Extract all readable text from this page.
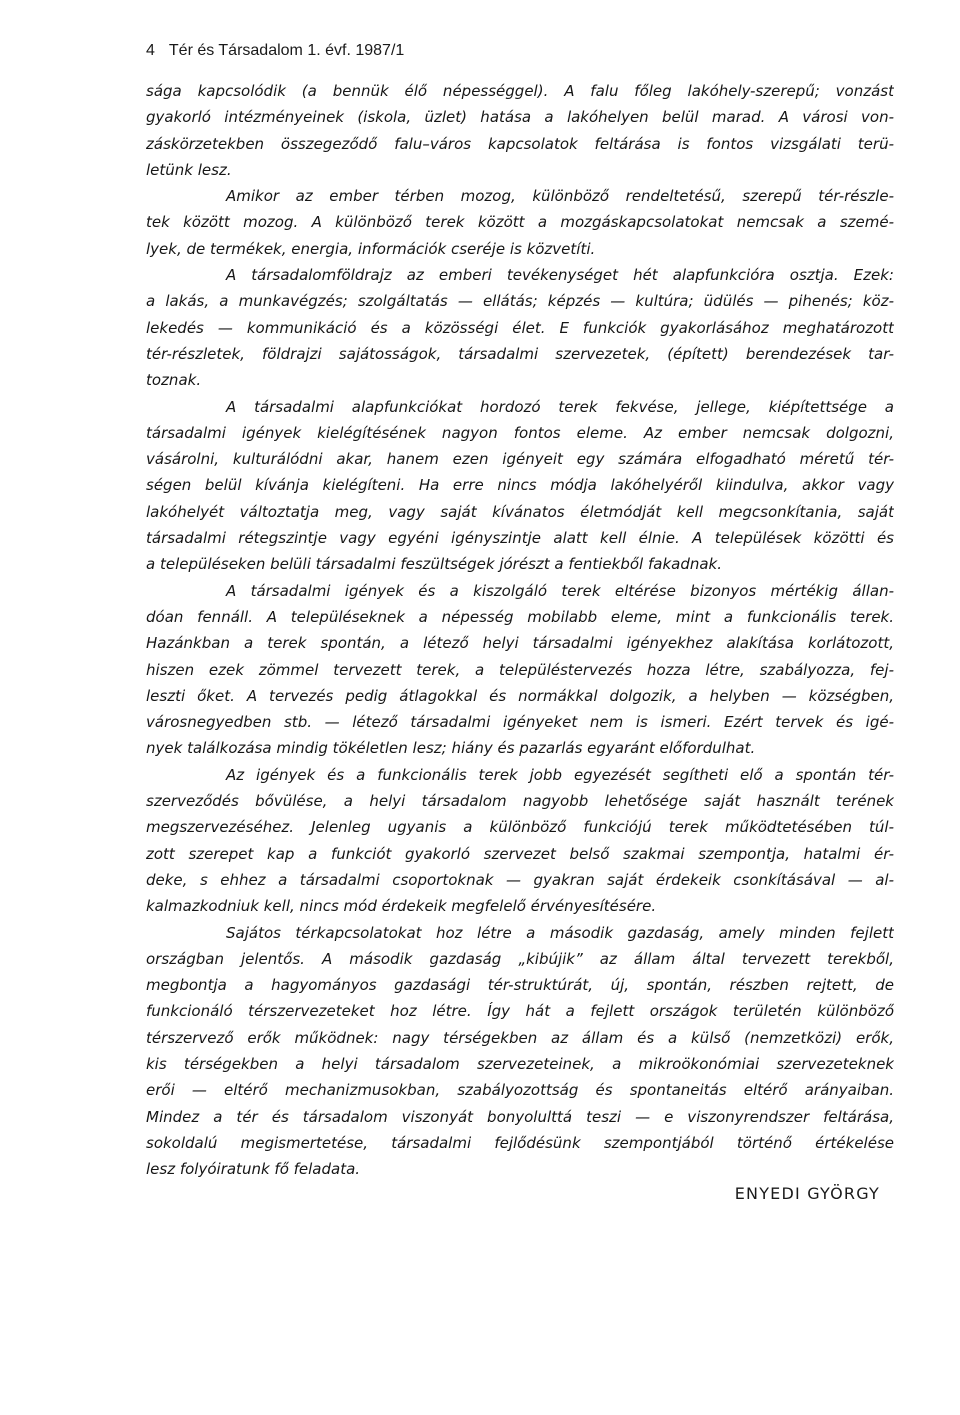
4 Tér és Társadalom 1. évf. 1987/1
sága kapcsolódik (a bennük élő népességgel). A falu főleg lakóhely-szerepű; vonzást
gyakorló intézményeinek (iskola, üzlet) hatása a lakóhelyen belül marad. A városi von-
záskörzetekben összegeződő falu–város kapcsolatok feltárása is fontos vizsgálati terü-
letünk lesz.
Amikor az ember térben mozog, különböző rendeltetésű, szerepű tér-részle-
tek között mozog. A különböző terek között a mozgáskapcsolatokat nemcsak a szemé-
lyek, de termékek, energia, információk cseréje is közvetíti.
A társadalomföldrajz az emberi tevékenységet hét alapfunkcióra osztja. Ezek:
a lakás, a munkavégzés; szolgáltatás — ellátás; képzés — kultúra; üdülés — pihenés; köz-
lekedés — kommunikáció és a közösségi élet. E funkciók gyakorlásához meghatározott
tér-részletek, földrajzi sajátosságok, társadalmi szervezetek, (épített) berendezések tar-
toznak.
A társadalmi alapfunkciókat hordozó terek fekvése, jellege, kiépítettsége a
társadalmi igények kielégítésének nagyon fontos eleme. Az ember nemcsak dolgozni,
vásárolni, kulturálódni akar, hanem ezen igényeit egy számára elfogadható méretű tér-
ségen belül kívánja kielégíteni. Ha erre nincs módja lakóhelyéről kiindulva, akkor vagy
lakóhelyét változtatja meg, vagy saját kívánatos életmódját kell megcsonkítania, saját
társadalmi rétegszintje vagy egyéni igényszintje alatt kell élnie. A települések közötti és
a településeken belüli társadalmi feszültségek jórészt a fentiekből fakadnak.
A társadalmi igények és a kiszolgáló terek eltérése bizonyos mértékig állan-
dóan fennáll. A településeknek a népesség mobilabb eleme, mint a funkcionális terek.
Hazánkban a terek spontán, a létező helyi társadalmi igényekhez alakítása korlátozott,
hiszen ezek zömmel tervezett terek, a településtervezés hozza létre, szabályozza, fej-
leszti őket. A tervezés pedig átlagokkal és normákkal dolgozik, a helyben — községben,
városnegyedben stb. — létező társadalmi igényeket nem is ismeri. Ezért tervek és igé-
nyek találkozása mindig tökéletlen lesz; hiány és pazarlás egyaránt előfordulhat.
Az igények és a funkcionális terek jobb egyezését segítheti elő a spontán tér-
szerveződés bővülése, a helyi társadalom nagyobb lehetősége saját használt terének
megszervezéséhez. Jelenleg ugyanis a különböző funkciójú terek működtetésében túl-
zott szerepet kap a funkciót gyakorló szervezet belső szakmai szempontja, hatalmi ér-
deke, s ehhez a társadalmi csoportoknak — gyakran saját érdekeik csonkításával — al-
kalmazkodniuk kell, nincs mód érdekeik megfelelő érvényesítésére.
Sajátos térkapcsolatokat hoz létre a második gazdaság, amely minden fejlett
országban jelentős. A második gazdaság „kibújik” az állam által tervezett terekből,
megbontja a hagyományos gazdasági tér-struktúrát, új, spontán, részben rejtett, de
funkcionáló térszervezeteket hoz létre. Így hát a fejlett országok területén különböző
térszervező erők működnek: nagy térségekben az állam és a külső (nemzetközi) erők,
kis térségekben a helyi társadalom szervezeteinek, a mikroökonómiai szervezeteknek
erői — eltérő mechanizmusokban, szabályozottság és spontaneitás eltérő arányaiban.
Mindez a tér és társadalom viszonyát bonyolulttá teszi — e viszonyrendszer feltárása,
sokoldalú megismertetése, társadalmi fejlődésünk szempontjából történő értékelése
lesz folyóiratunk fő feladata.
ENYEDI GYÖRGY
